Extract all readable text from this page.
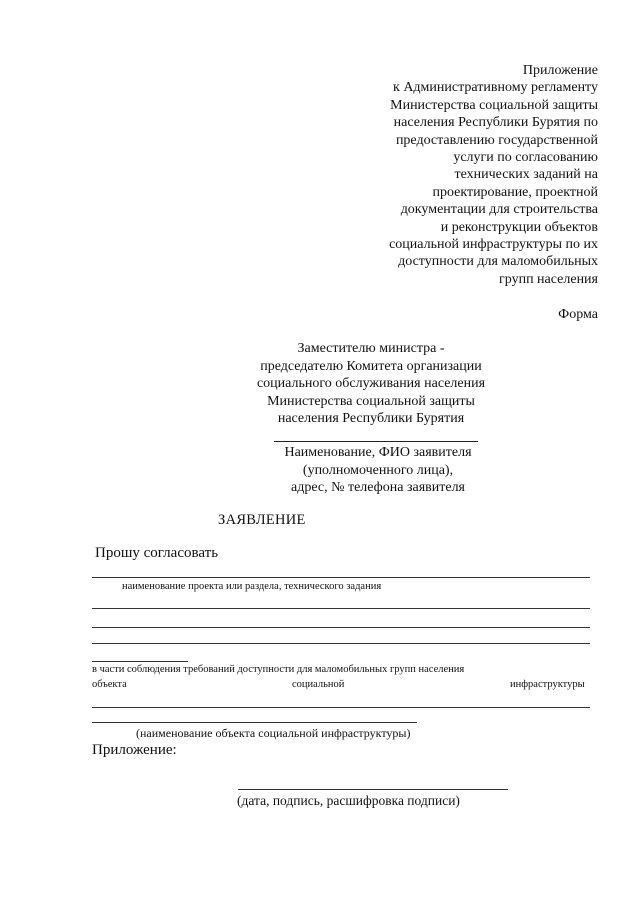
Приложение
к Административному регламенту
Министерства социальной защиты
населения Республики Бурятия по
предоставлению государственной
услуги по согласованию
технических заданий на
проектирование, проектной
документации для строительства
и реконструкции объектов
социальной инфраструктуры по их
доступности для маломобильных
групп населения
Форма
Заместителю министра -
председателю Комитета организации
социального обслуживания населения
Министерства социальной защиты
населения Республики Бурятия
Наименование, ФИО заявителя
(уполномоченного лица),
адрес, № телефона заявителя
ЗАЯВЛЕНИЕ
Прошу согласовать
наименование проекта или раздела, технического задания
в части соблюдения требований доступности для маломобильных групп населения
объекта	социальной	инфраструктуры
(наименование объекта социальной инфраструктуры)
Приложение:
(дата, подпись, расшифровка подписи)
